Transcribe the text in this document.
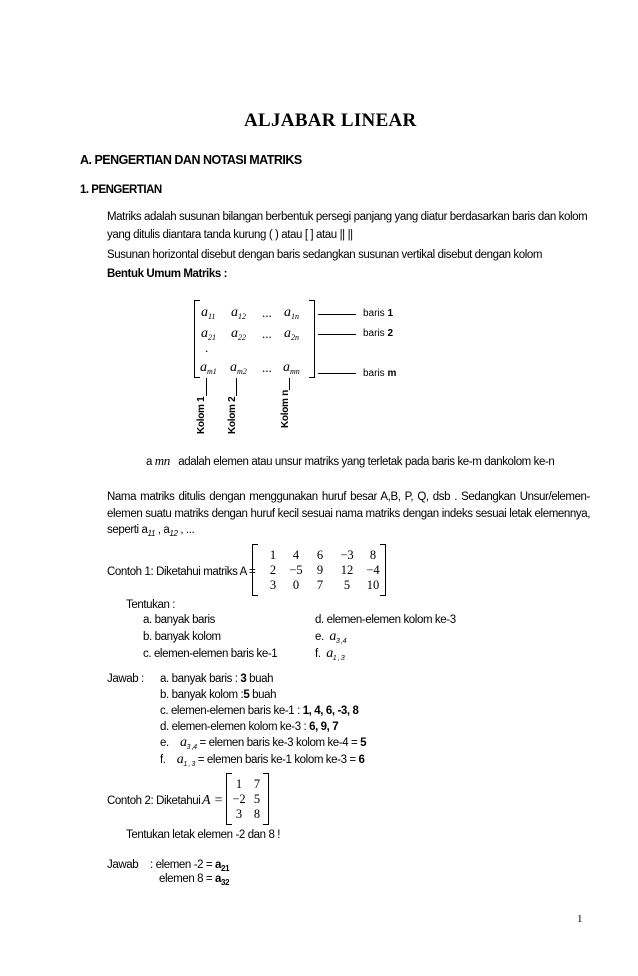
ALJABAR LINEAR
A. PENGERTIAN DAN NOTASI MATRIKS
1. PENGERTIAN
Matriks adalah susunan bilangan berbentuk persegi panjang yang diatur berdasarkan baris dan kolom
yang ditulis diantara tanda kurung ( ) atau [ ] atau || ||
Susunan horizontal disebut dengan baris sedangkan susunan vertikal disebut dengan kolom
Bentuk Umum Matriks :
$a_{11}$ $a_{12}$ ... $a_{1n}$
$a_{21}$ $a_{22}$ ... $a_{2n}$
.
$a_{m1}$ $a_{m2}$ ... $a_{mn}$
baris 1
baris 2
baris m
Kolom 1 Kolom 2	Kolom n
a mn adalah elemen atau unsur matriks yang terletak pada baris ke-m dankolom ke-n
Nama matriks ditulis dengan menggunakan huruf besar A,B, P, Q, dsb . Sedangkan Unsur/elemen-
elemen suatu matriks dengan huruf kecil sesuai nama matriks dengan indeks sesuai letak elemennya,
seperti $a_{11}$ , $a_{12}$ , ...
Contoh 1: Diketahui matriks A =
1	4	6	−3	8
2	−5	9	12	−4
3	0	7	5	10
Tentukan :
a. banyak baris
b. banyak kolom
c. elemen-elemen baris ke-1
d. elemen-elemen kolom ke-3
e. $a_{3 ,4}$
f. $a_{1 , 3}$
Jawab : a. banyak baris : 3 buah
b. banyak kolom :5 buah
c. elemen-elemen baris ke-1 : 1, 4, 6, -3, 8
d. elemen-elemen kolom ke-3 : 6, 9, 7
e. $a_{3 ,4}$ = elemen baris ke-3 kolom ke-4 = 5
f. $a_{1 , 3}$ = elemen baris ke-1 kolom ke-3 = 6
Contoh 2: Diketahui A =
1 7
−2 5
3 8
Tentukan letak elemen -2 dan 8 !
Jawab : elemen $-2 = a_{21}$
elemen $8 = a_{32}$
1
